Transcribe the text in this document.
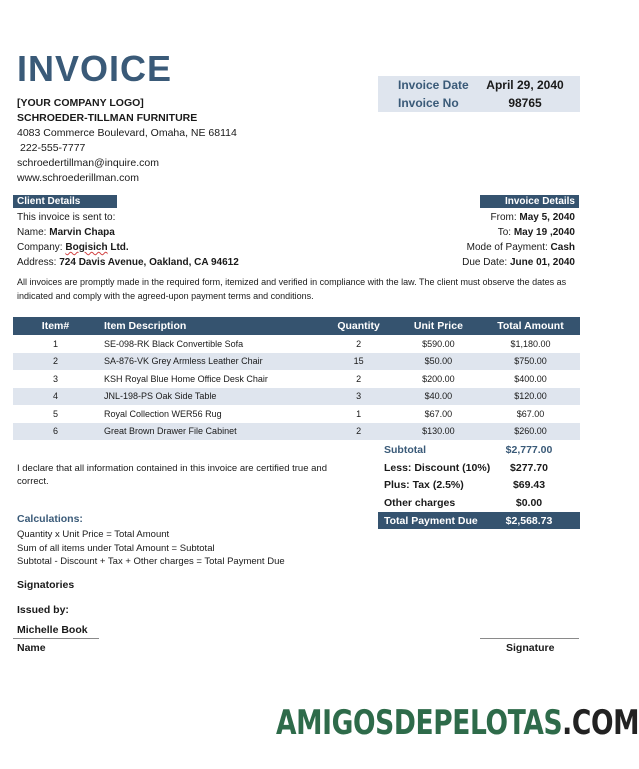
INVOICE
[YOUR COMPANY LOGO]
SCHROEDER-TILLMAN FURNITURE
4083 Commerce Boulevard, Omaha, NE 68114
222-555-7777
schroedertillman@inquire.com
www.schroederillman.com
Invoice Date	April 29, 2040
Invoice No	98765
Client Details	Invoice Details
This invoice is sent to:
Name: Marvin Chapa
Company: Bogisich Ltd.
Address: 724 Davis Avenue, Oakland, CA 94612
From: May 5, 2040
To: May 19 ,2040
Mode of Payment: Cash
Due Date: June 01, 2040
All invoices are promptly made in the required form, itemized and verified in compliance with the law. The client must observe the dates as indicated and comply with the agreed-upon payment terms and conditions.
Item#	Item Description	Quantity	Unit Price	Total Amount
1	SE-098-RK Black Convertible Sofa	2	$590.00	$1,180.00
2	SA-876-VK Grey Armless Leather Chair	15	$50.00	$750.00
3	KSH Royal Blue Home Office Desk Chair	2	$200.00	$400.00
4	JNL-198-PS Oak Side Table	3	$40.00	$120.00
5	Royal Collection WER56 Rug	1	$67.00	$67.00
6	Great Brown Drawer File Cabinet	2	$130.00	$260.00
Subtotal	$2,777.00
Less: Discount (10%)	$277.70
Plus: Tax (2.5%)	$69.43
Other charges	$0.00
Total Payment Due	$2,568.73
I declare that all information contained in this invoice are certified true and correct.
Calculations:
Quantity x Unit Price = Total Amount
Sum of all items under Total Amount = Subtotal
Subtotal - Discount + Tax + Other charges = Total Payment Due
Signatories
Issued by:
Michelle Book
Name	Signature
AMIGOSDEPELOTAS.COM
